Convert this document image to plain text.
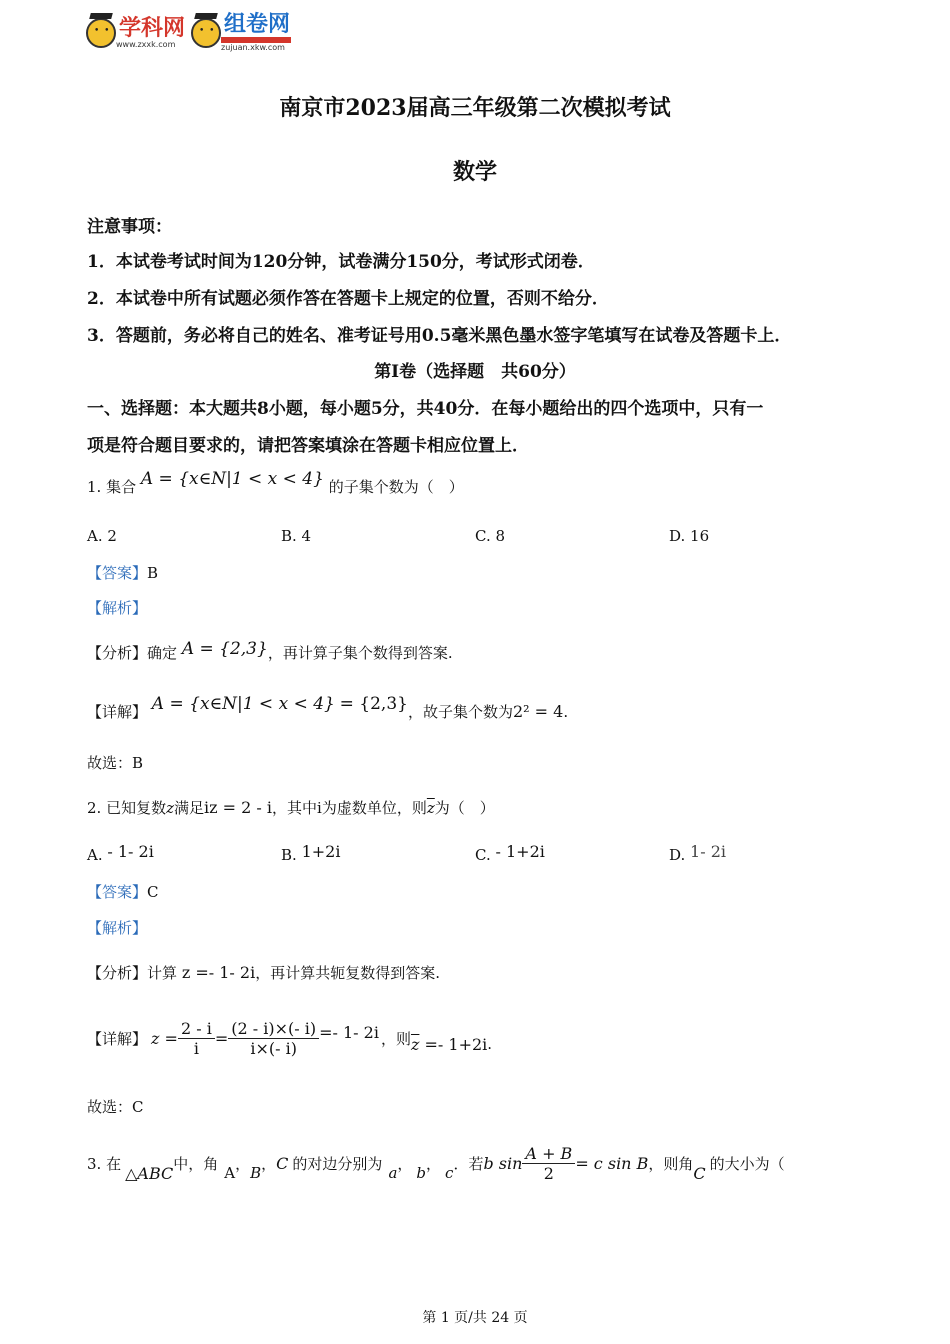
• •
学科网
www.zxxk.com
• •
组卷网
zujuan.xkw.com
南京市2023届高三年级第二次模拟考试
数学
注意事项：
1．本试卷考试时间为120分钟，试卷满分150分，考试形式闭卷．
2．本试卷中所有试题必须作答在答题卡上规定的位置，否则不给分．
3．答题前，务必将自己的姓名、准考证号用0.5毫米黑色墨水签字笔填写在试卷及答题卡上．
第Ⅰ卷（选择题　共60分）
一、选择题：本大题共8小题，每小题5分，共40分．在每小题给出的四个选项中，只有一
项是符合题目要求的，请把答案填涂在答题卡相应位置上．
1. 集合 A = {x∈N|1 < x < 4} 的子集个数为（　）
A. 2	B. 4	C. 8	D. 16
【答案】B
【解析】
【分析】确定 A = {2,3}，再计算子集个数得到答案.
【详解】 A = {x∈N|1 < x < 4} = {2,3}，故子集个数为2² = 4.
故选：B
2. 已知复数z满足iz = 2 - i，其中i为虚数单位，则$\overline{z}$为（　）
A. - 1- 2i	B. 1+2i	C. - 1+2i	D. 1- 2i
【答案】C
【解析】
【分析】计算 z =- 1- 2i，再计算共轭复数得到答案.
【详解】 $z = \frac{2 - i}{i} = \frac{(2 - i)\times(- i)}{i\times(- i)} =- 1-$ 2i ，则 $\overline{z} =- 1+2i$ .
故选：C
3. 在 △ABC 中，角
A
，
B
， C 的对边分别为
a
，
b
，
c
．若 b $\sin \frac{A + B}{2} = c$ sin B ，则角 C 的大小为（
第 1 页/共 24 页
